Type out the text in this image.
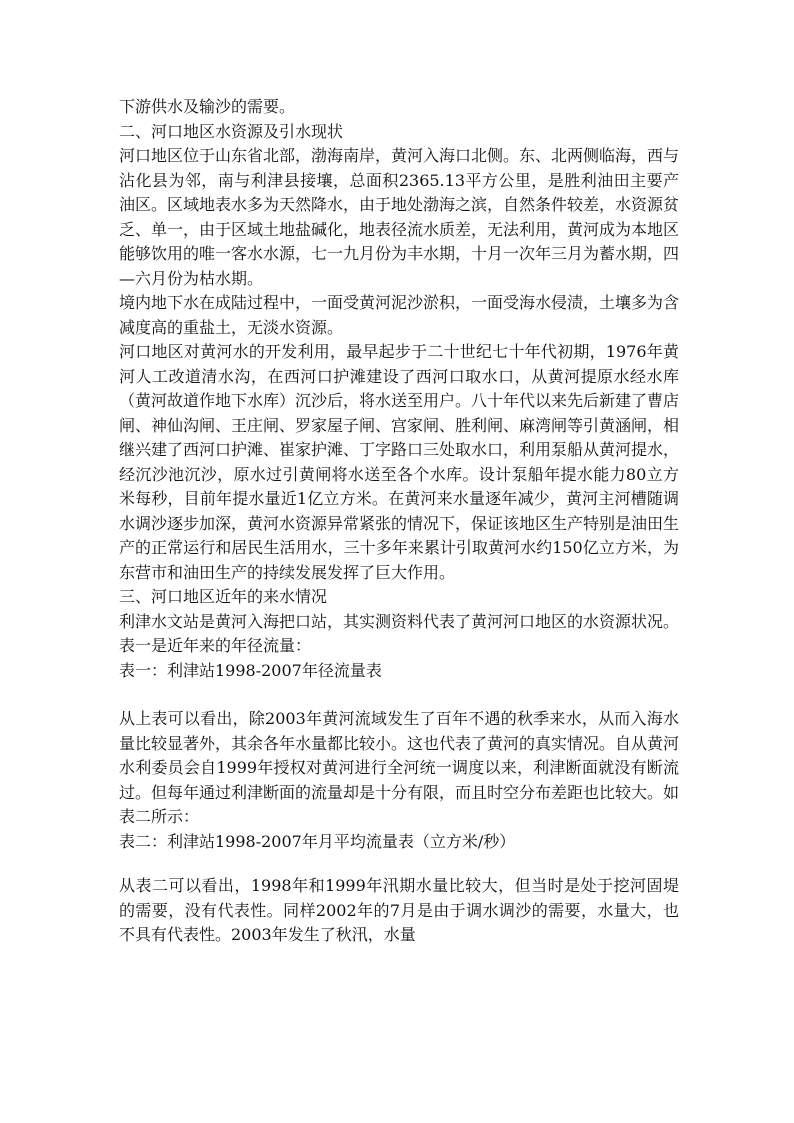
下游供水及输沙的需要。

二、河口地区水资源及引水现状

河口地区位于山东省北部，渤海南岸，黄河入海口北侧。东、北两侧临海，西与沾化县为邻，南与利津县接壤，总面积2365.13平方公里，是胜利油田主要产油区。区域地表水多为天然降水，由于地处渤海之滨，自然条件较差，水资源贫乏、单一，由于区域土地盐碱化，地表径流水质差，无法利用，黄河成为本地区能够饮用的唯一客水水源，七一九月份为丰水期，十月一次年三月为蓄水期，四—六月份为枯水期。

境内地下水在成陆过程中，一面受黄河泥沙淤积，一面受海水侵渍，土壤多为含减度高的重盐土，无淡水资源。

河口地区对黄河水的开发利用，最早起步于二十世纪七十年代初期，1976年黄河人工改道清水沟，在西河口护滩建设了西河口取水口，从黄河提原水经水库（黄河故道作地下水库）沉沙后，将水送至用户。八十年代以来先后新建了曹店闸、神仙沟闸、王庄闸、罗家屋子闸、宫家闸、胜利闸、麻湾闸等引黄涵闸，相继兴建了西河口护滩、崔家护滩、丁字路口三处取水口，利用泵船从黄河提水，经沉沙池沉沙，原水过引黄闸将水送至各个水库。设计泵船年提水能力80立方米每秒，目前年提水量近1亿立方米。在黄河来水量逐年减少，黄河主河槽随调水调沙逐步加深，黄河水资源异常紧张的情况下，保证该地区生产特别是油田生产的正常运行和居民生活用水，三十多年来累计引取黄河水约150亿立方米，为东营市和油田生产的持续发展发挥了巨大作用。

三、河口地区近年的来水情况

利津水文站是黄河入海把口站，其实测资料代表了黄河河口地区的水资源状况。表一是近年来的年径流量：

表一：利津站1998-2007年径流量表

从上表可以看出，除2003年黄河流域发生了百年不遇的秋季来水，从而入海水量比较显著外，其余各年水量都比较小。这也代表了黄河的真实情况。自从黄河水利委员会自1999年授权对黄河进行全河统一调度以来，利津断面就没有断流过。但每年通过利津断面的流量却是十分有限，而且时空分布差距也比较大。如表二所示：

表二：利津站1998-2007年月平均流量表（立方米/秒）

从表二可以看出，1998年和1999年汛期水量比较大，但当时是处于挖河固堤的需要，没有代表性。同样2002年的7月是由于调水调沙的需要，水量大，也不具有代表性。2003年发生了秋汛，水量
